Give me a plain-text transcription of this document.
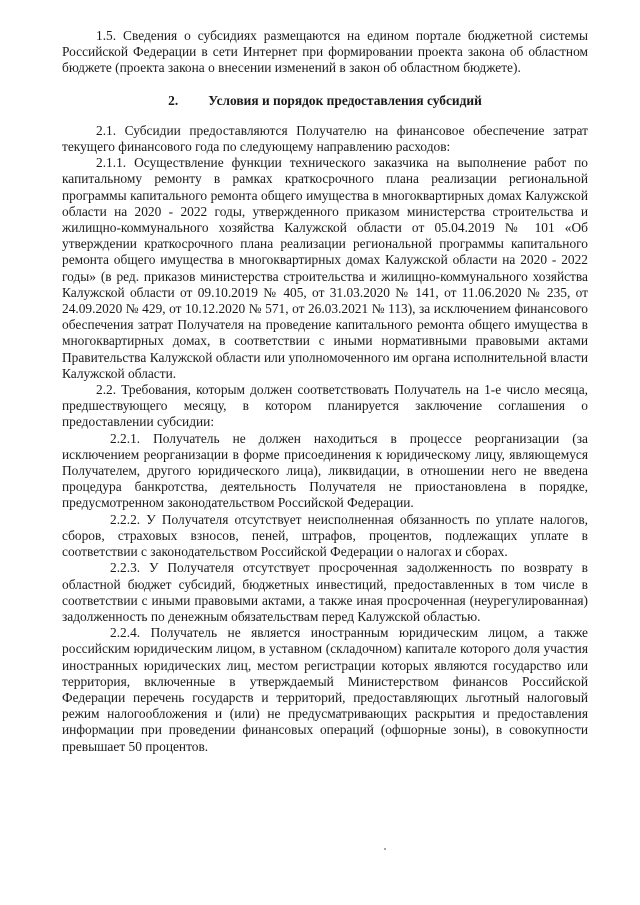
1.5. Сведения о субсидиях размещаются на едином портале бюджетной системы Российской Федерации в сети Интернет при формировании проекта закона об областном бюджете (проекта закона о внесении изменений в закон об областном бюджете).

2. Условия и порядок предоставления субсидий

2.1. Субсидии предоставляются Получателю на финансовое обеспечение затрат текущего финансового года по следующему направлению расходов:

2.1.1. Осуществление функции технического заказчика на выполнение работ по капитальному ремонту в рамках краткосрочного плана реализации региональной программы капитального ремонта общего имущества в многоквартирных домах Калужской области на 2020 - 2022 годы, утвержденного приказом министерства строительства и жилищно-коммунального хозяйства Калужской области от 05.04.2019 № 101 «Об утверждении краткосрочного плана реализации региональной программы капитального ремонта общего имущества в многоквартирных домах Калужской области на 2020 - 2022 годы» (в ред. приказов министерства строительства и жилищно-коммунального хозяйства Калужской области от 09.10.2019 № 405, от 31.03.2020 № 141, от 11.06.2020 № 235, от 24.09.2020 № 429, от 10.12.2020 № 571, от 26.03.2021 № 113), за исключением финансового обеспечения затрат Получателя на проведение капитального ремонта общего имущества в многоквартирных домах, в соответствии с иными нормативными правовыми актами Правительства Калужской области или уполномоченного им органа исполнительной власти Калужской области.

2.2. Требования, которым должен соответствовать Получатель на 1-е число месяца, предшествующего месяцу, в котором планируется заключение соглашения о предоставлении субсидии:

2.2.1. Получатель не должен находиться в процессе реорганизации (за исключением реорганизации в форме присоединения к юридическому лицу, являющемуся Получателем, другого юридического лица), ликвидации, в отношении него не введена процедура банкротства, деятельность Получателя не приостановлена в порядке, предусмотренном законодательством Российской Федерации.

2.2.2. У Получателя отсутствует неисполненная обязанность по уплате налогов, сборов, страховых взносов, пеней, штрафов, процентов, подлежащих уплате в соответствии с законодательством Российской Федерации о налогах и сборах.

2.2.3. У Получателя отсутствует просроченная задолженность по возврату в областной бюджет субсидий, бюджетных инвестиций, предоставленных в том числе в соответствии с иными правовыми актами, а также иная просроченная (неурегулированная) задолженность по денежным обязательствам перед Калужской областью.

2.2.4. Получатель не является иностранным юридическим лицом, а также российским юридическим лицом, в уставном (складочном) капитале которого доля участия иностранных юридических лиц, местом регистрации которых являются государство или территория, включенные в утверждаемый Министерством финансов Российской Федерации перечень государств и территорий, предоставляющих льготный налоговый режим налогообложения и (или) не предусматривающих раскрытия и предоставления информации при проведении финансовых операций (офшорные зоны), в совокупности превышает 50 процентов.
